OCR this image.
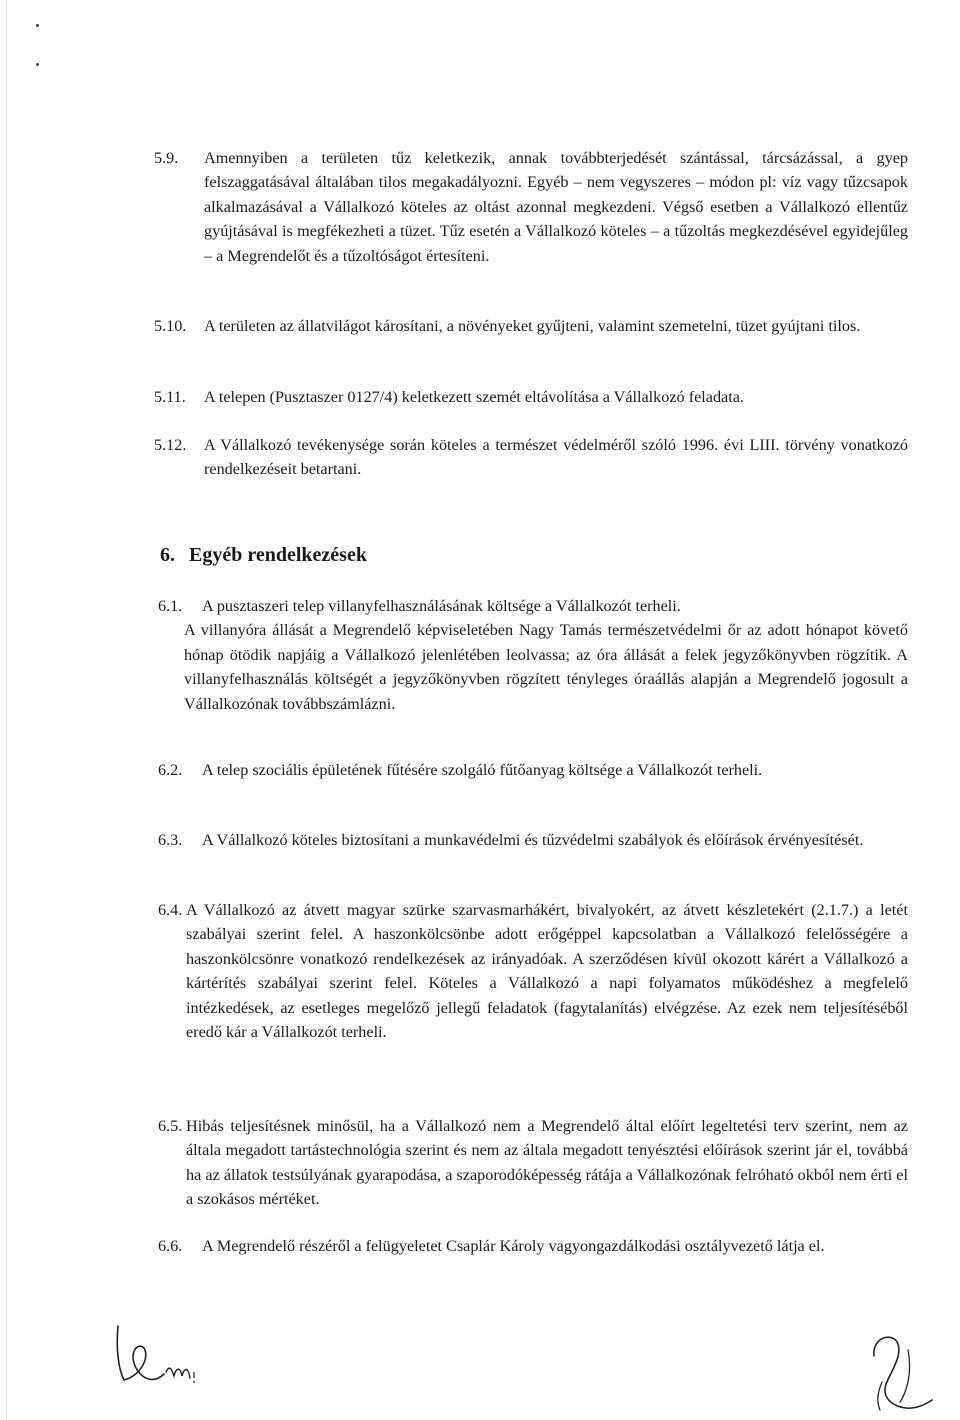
5.9. Amennyiben a területen tűz keletkezik, annak továbbterjedését szántással, tárcsázással, a gyep felszaggatásával általában tilos megakadályozni. Egyéb – nem vegyszeres – módon pl: víz vagy tűzcsapok alkalmazásával a Vállalkozó köteles az oltást azonnal megkezdeni. Végső esetben a Vállalkozó ellentűz gyújtásával is megfékezheti a tüzet. Tűz esetén a Vállalkozó köteles – a tűzoltás megkezdésével egyidejűleg – a Megrendelőt és a tűzoltóságot értesíteni.
5.10. A területen az állatvilágot károsítani, a növényeket gyűjteni, valamint szemetelni, tüzet gyújtani tilos.
5.11. A telepen (Pusztaszer 0127/4) keletkezett szemét eltávolítása a Vállalkozó feladata.
5.12. A Vállalkozó tevékenysége során köteles a természet védelméről szóló 1996. évi LIII. törvény vonatkozó rendelkezéseit betartani.
6. Egyéb rendelkezések
6.1. A pusztaszeri telep villanyfelhasználásának költsége a Vállalkozót terheli.
A villanyóra állását a Megrendelő képviseletében Nagy Tamás természetvédelmi őr az adott hónapot követő hónap ötödik napjáig a Vállalkozó jelenlétében leolvassa; az óra állását a felek jegyzőkönyvben rögzítik. A villanyfelhasználás költségét a jegyzőkönyvben rögzített tényleges óraállás alapján a Megrendelő jogosult a Vállalkozónak továbbszámlázni.
6.2. A telep szociális épületének fűtésére szolgáló fűtőanyag költsége a Vállalkozót terheli.
6.3. A Vállalkozó köteles biztosítani a munkavédelmi és tűzvédelmi szabályok és előírások érvényesítését.
6.4. A Vállalkozó az átvett magyar szürke szarvasmarhákért, bivalyokért, az átvett készletekért (2.1.7.) a letét szabályai szerint felel. A haszonkölcsönbe adott erőgéppel kapcsolatban a Vállalkozó felelősségére a haszonkölcsönre vonatkozó rendelkezések az irányadóak. A szerződésen kívül okozott kárért a Vállalkozó a kártérítés szabályai szerint felel. Köteles a Vállalkozó a napi folyamatos működéshez a megfelelő intézkedések, az esetleges megelőző jellegű feladatok (fagytalanítás) elvégzése. Az ezek nem teljesítéséből eredő kár a Vállalkozót terheli.
6.5. Hibás teljesítésnek minősül, ha a Vállalkozó nem a Megrendelő által előírt legeltetési terv szerint, nem az általa megadott tartástechnológia szerint és nem az általa megadott tenyésztési előírások szerint jár el, továbbá ha az állatok testsúlyának gyarapodása, a szaporodóképesség rátája a Vállalkozónak felróható okból nem érti el a szokásos mértéket.
6.6. A Megrendelő részéről a felügyeletet Csaplár Károly vagyongazdálkodási osztályvezető látja el.
